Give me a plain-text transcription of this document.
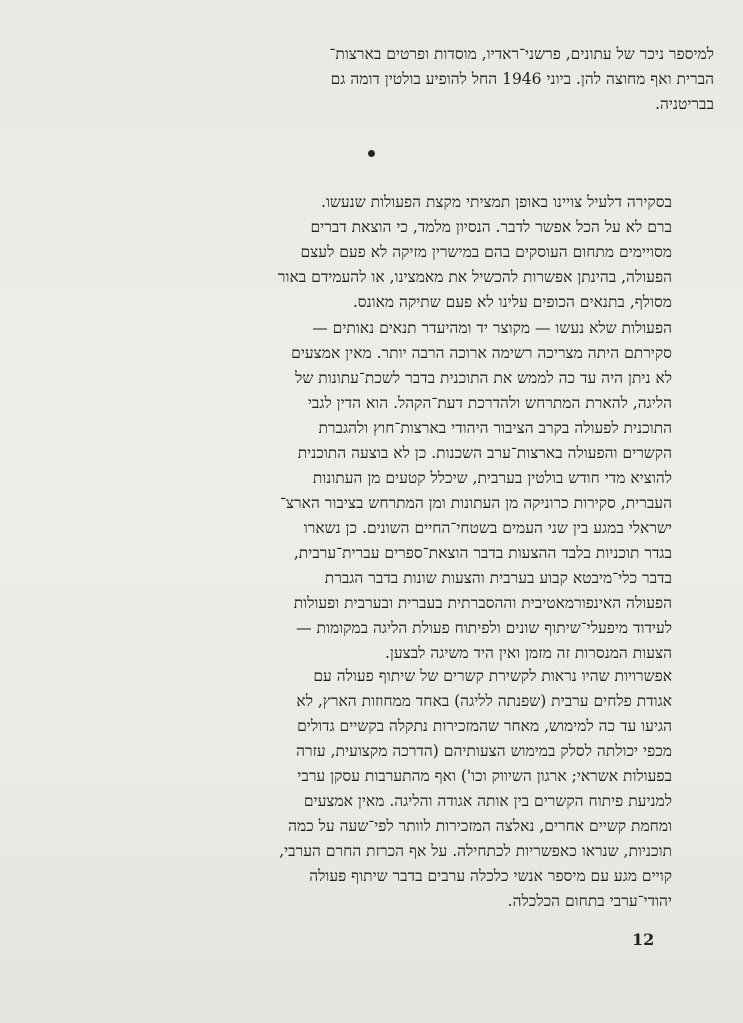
למיספר ניכר של עתונים, פרשני־ראדיו, מוסדות ופרטים בארצות־
הברית ואף מחוצה להן. ביוני 1946 החל להופיע בולטין דומה גם
בבריטניה.
בסקירה דלעיל צויינו באופן תמציתי מקצת הפעולות שנעשו.
ברם לא על הכל אפשר לדבר. הנסיון מלמד, כי הוצאת דברים
מסויימים מתחום העוסקים בהם במישרין מזיקה לא פעם לעצם
הפעולה, בהינתן אפשרות להכשיל את מאמצינו, או להעמידם באור
מסולף, בתנאים הכופים עלינו לא פעם שתיקה מאונס.
הפעולות שלא נעשו — מקוצר יד ומהיעדר תנאים נאותים —
סקירתם היתה מצריכה רשימה ארוכה הרבה יותר. מאין אמצעים
לא ניתן היה עד כה לממש את התוכנית בדבר לשכת־עתונות של
הליגה, להארת המתרחש ולהדרכת דעת־הקהל. הוא הדין לגבי
התוכנית לפעולה בקרב הציבור היהודי בארצות־חוץ ולהגברת
הקשרים והפעולה בארצות־ערב השכנות. כן לא בוצעה התוכנית
להוציא מדי חודש בולטין בערבית, שיכלל קטעים מן העתונות
העברית, סקירות כרוניקה מן העתונות ומן המתרחש בציבור הארצ־
ישראלי במגע בין שני העמים בשטחי־החיים השונים. כן נשארו
בגדר תוכניות בלבד ההצעות בדבר הוצאת־ספרים עברית־ערבית,
בדבר כלי־מיבטא קבוע בערבית והצעות שונות בדבר הגברת
הפעולה האינפורמאטיבית וההסברתית בעברית ובערבית ופעולות
לעידוד מיפעלי־שיתוף שונים ולפיתוח פעולת הליגה במקומות —
הצעות המנסרות זה מזמן ואין היד משיגה לבצען.
אפשרויות שהיו נראות לקשירת קשרים של שיתוף פעולה עם
אגודת פלחים ערבית (שפנתה לליגה) באחד ממחוזות הארץ, לא
הגיעו עד כה למימוש, מאחר שהמזכירות נתקלה בקשיים גדולים
מכפי יכולתה לסלק במימוש הצעותיהם (הדרכה מקצועית, עזרה
בפעולות אשראי; ארגון השיווק וכו') ואף מהתערבות עסקן ערבי
למניעת פיתוח הקשרים בין אותה אגודה והליגה. מאין אמצעים
ומחמת קשיים אחרים, נאלצה המזכירות לוותר לפי־שעה על כמה
תוכניות, שנראו כאפשריות לכתחילה. על אף הכרזת החרם הערבי,
קויים מגע עם מיספר אנשי כלכלה ערבים בדבר שיתוף פעולה
יהודי־ערבי בתחום הכלכלה.
12
